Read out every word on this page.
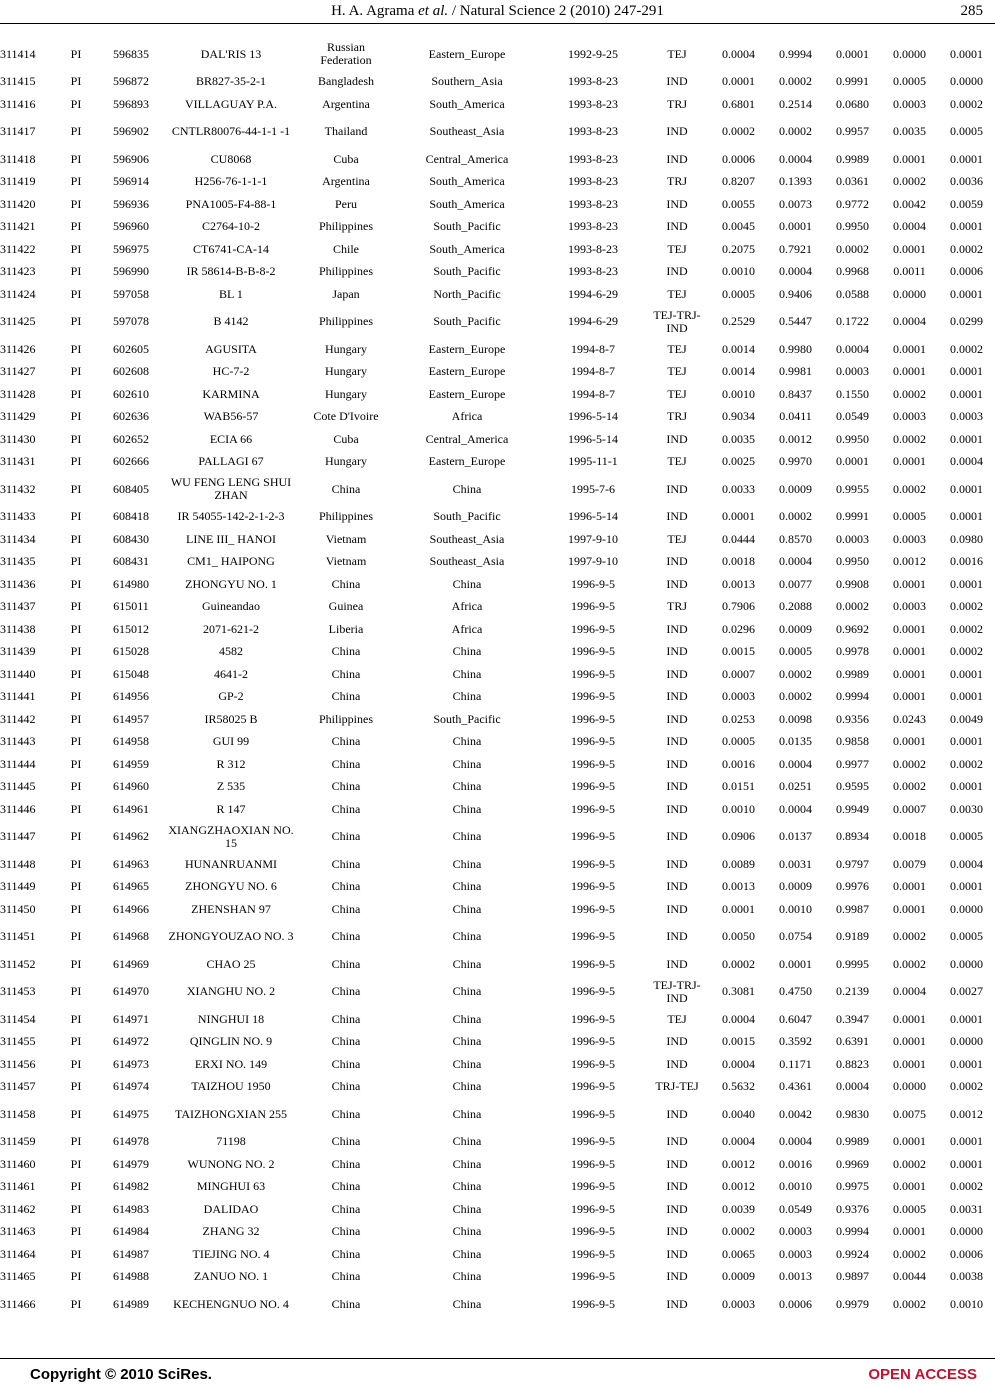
H. A. Agrama et al. / Natural Science 2 (2010) 247-291	285
311414	PI	596835	DAL'RIS 13	Russian Federation	Eastern_Europe	1992-9-25	TEJ	0.0004	0.9994	0.0001	0.0000	0.0001
311415	PI	596872	BR827-35-2-1	Bangladesh	Southern_Asia	1993-8-23	IND	0.0001	0.0002	0.9991	0.0005	0.0000
311416	PI	596893	VILLAGUAY P.A.	Argentina	South_America	1993-8-23	TRJ	0.6801	0.2514	0.0680	0.0003	0.0002
311417	PI	596902	CNTLR80076-44-1-1 -1	Thailand	Southeast_Asia	1993-8-23	IND	0.0002	0.0002	0.9957	0.0035	0.0005
311418	PI	596906	CU8068	Cuba	Central_America	1993-8-23	IND	0.0006	0.0004	0.9989	0.0001	0.0001
311419	PI	596914	H256-76-1-1-1	Argentina	South_America	1993-8-23	TRJ	0.8207	0.1393	0.0361	0.0002	0.0036
311420	PI	596936	PNA1005-F4-88-1	Peru	South_America	1993-8-23	IND	0.0055	0.0073	0.9772	0.0042	0.0059
311421	PI	596960	C2764-10-2	Philippines	South_Pacific	1993-8-23	IND	0.0045	0.0001	0.9950	0.0004	0.0001
311422	PI	596975	CT6741-CA-14	Chile	South_America	1993-8-23	TEJ	0.2075	0.7921	0.0002	0.0001	0.0002
311423	PI	596990	IR 58614-B-B-8-2	Philippines	South_Pacific	1993-8-23	IND	0.0010	0.0004	0.9968	0.0011	0.0006
311424	PI	597058	BL 1	Japan	North_Pacific	1994-6-29	TEJ	0.0005	0.9406	0.0588	0.0000	0.0001
311425	PI	597078	B 4142	Philippines	South_Pacific	1994-6-29	TEJ-TRJ- IND	0.2529	0.5447	0.1722	0.0004	0.0299
311426	PI	602605	AGUSITA	Hungary	Eastern_Europe	1994-8-7	TEJ	0.0014	0.9980	0.0004	0.0001	0.0002
311427	PI	602608	HC-7-2	Hungary	Eastern_Europe	1994-8-7	TEJ	0.0014	0.9981	0.0003	0.0001	0.0001
311428	PI	602610	KARMINA	Hungary	Eastern_Europe	1994-8-7	TEJ	0.0010	0.8437	0.1550	0.0002	0.0001
311429	PI	602636	WAB56-57	Cote D'Ivoire	Africa	1996-5-14	TRJ	0.9034	0.0411	0.0549	0.0003	0.0003
311430	PI	602652	ECIA 66	Cuba	Central_America	1996-5-14	IND	0.0035	0.0012	0.9950	0.0002	0.0001
311431	PI	602666	PALLAGI 67	Hungary	Eastern_Europe	1995-11-1	TEJ	0.0025	0.9970	0.0001	0.0001	0.0004
311432	PI	608405	WU FENG LENG SHUI ZHAN	China	China	1995-7-6	IND	0.0033	0.0009	0.9955	0.0002	0.0001
311433	PI	608418	IR 54055-142-2-1-2-3	Philippines	South_Pacific	1996-5-14	IND	0.0001	0.0002	0.9991	0.0005	0.0001
311434	PI	608430	LINE III_ HANOI	Vietnam	Southeast_Asia	1997-9-10	TEJ	0.0444	0.8570	0.0003	0.0003	0.0980
311435	PI	608431	CM1_ HAIPONG	Vietnam	Southeast_Asia	1997-9-10	IND	0.0018	0.0004	0.9950	0.0012	0.0016
311436	PI	614980	ZHONGYU NO. 1	China	China	1996-9-5	IND	0.0013	0.0077	0.9908	0.0001	0.0001
311437	PI	615011	Guineandao	Guinea	Africa	1996-9-5	TRJ	0.7906	0.2088	0.0002	0.0003	0.0002
311438	PI	615012	2071-621-2	Liberia	Africa	1996-9-5	IND	0.0296	0.0009	0.9692	0.0001	0.0002
311439	PI	615028	4582	China	China	1996-9-5	IND	0.0015	0.0005	0.9978	0.0001	0.0002
311440	PI	615048	4641-2	China	China	1996-9-5	IND	0.0007	0.0002	0.9989	0.0001	0.0001
311441	PI	614956	GP-2	China	China	1996-9-5	IND	0.0003	0.0002	0.9994	0.0001	0.0001
311442	PI	614957	IR58025 B	Philippines	South_Pacific	1996-9-5	IND	0.0253	0.0098	0.9356	0.0243	0.0049
311443	PI	614958	GUI 99	China	China	1996-9-5	IND	0.0005	0.0135	0.9858	0.0001	0.0001
311444	PI	614959	R 312	China	China	1996-9-5	IND	0.0016	0.0004	0.9977	0.0002	0.0002
311445	PI	614960	Z 535	China	China	1996-9-5	IND	0.0151	0.0251	0.9595	0.0002	0.0001
311446	PI	614961	R 147	China	China	1996-9-5	IND	0.0010	0.0004	0.9949	0.0007	0.0030
311447	PI	614962	XIANGZHAOXIAN NO. 15	China	China	1996-9-5	IND	0.0906	0.0137	0.8934	0.0018	0.0005
311448	PI	614963	HUNANRUANMI	China	China	1996-9-5	IND	0.0089	0.0031	0.9797	0.0079	0.0004
311449	PI	614965	ZHONGYU NO. 6	China	China	1996-9-5	IND	0.0013	0.0009	0.9976	0.0001	0.0001
311450	PI	614966	ZHENSHAN 97	China	China	1996-9-5	IND	0.0001	0.0010	0.9987	0.0001	0.0000
311451	PI	614968	ZHONGYOUZAO NO. 3	China	China	1996-9-5	IND	0.0050	0.0754	0.9189	0.0002	0.0005
311452	PI	614969	CHAO 25	China	China	1996-9-5	IND	0.0002	0.0001	0.9995	0.0002	0.0000
311453	PI	614970	XIANGHU NO. 2	China	China	1996-9-5	TEJ-TRJ- IND	0.3081	0.4750	0.2139	0.0004	0.0027
311454	PI	614971	NINGHUI 18	China	China	1996-9-5	TEJ	0.0004	0.6047	0.3947	0.0001	0.0001
311455	PI	614972	QINGLIN NO. 9	China	China	1996-9-5	IND	0.0015	0.3592	0.6391	0.0001	0.0000
311456	PI	614973	ERXI NO. 149	China	China	1996-9-5	IND	0.0004	0.1171	0.8823	0.0001	0.0001
311457	PI	614974	TAIZHOU 1950	China	China	1996-9-5	TRJ-TEJ	0.5632	0.4361	0.0004	0.0000	0.0002
311458	PI	614975	TAIZHONGXIAN 255	China	China	1996-9-5	IND	0.0040	0.0042	0.9830	0.0075	0.0012
311459	PI	614978	71198	China	China	1996-9-5	IND	0.0004	0.0004	0.9989	0.0001	0.0001
311460	PI	614979	WUNONG NO. 2	China	China	1996-9-5	IND	0.0012	0.0016	0.9969	0.0002	0.0001
311461	PI	614982	MINGHUI 63	China	China	1996-9-5	IND	0.0012	0.0010	0.9975	0.0001	0.0002
311462	PI	614983	DALIDAO	China	China	1996-9-5	IND	0.0039	0.0549	0.9376	0.0005	0.0031
311463	PI	614984	ZHANG 32	China	China	1996-9-5	IND	0.0002	0.0003	0.9994	0.0001	0.0000
311464	PI	614987	TIEJING NO. 4	China	China	1996-9-5	IND	0.0065	0.0003	0.9924	0.0002	0.0006
311465	PI	614988	ZANUO NO. 1	China	China	1996-9-5	IND	0.0009	0.0013	0.9897	0.0044	0.0038
311466	PI	614989	KECHENGNUO NO. 4	China	China	1996-9-5	IND	0.0003	0.0006	0.9979	0.0002	0.0010
Copyright © 2010 SciRes.	OPEN ACCESS
